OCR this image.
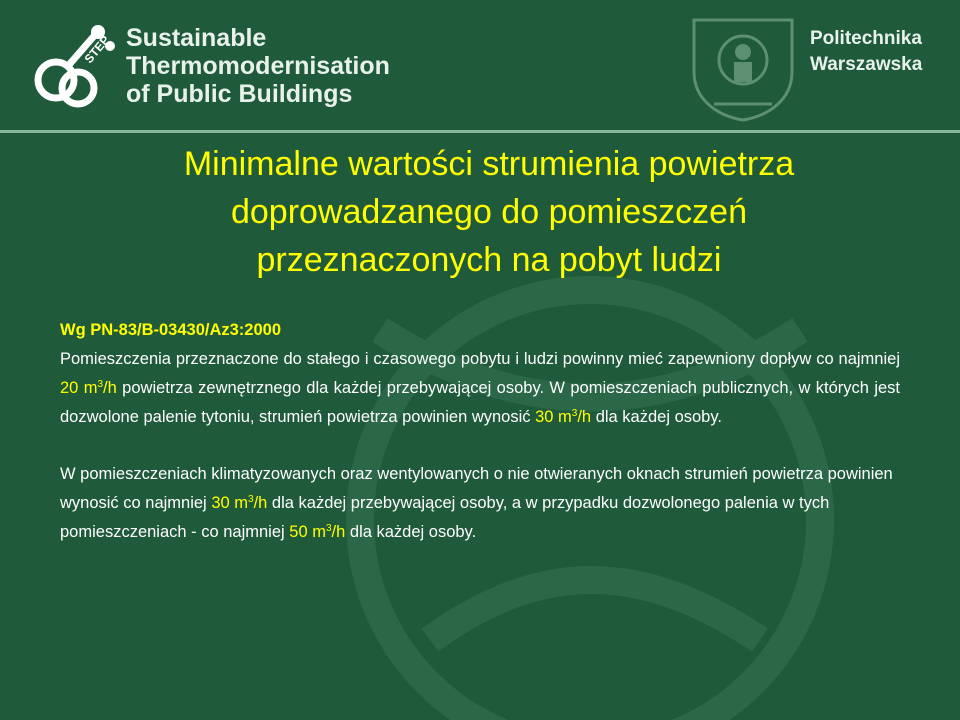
STEP Sustainable
Thermomodernisation
of Public Buildings
Politechnika
Warszawska
Minimalne wartości strumienia powietrza
doprowadzanego do pomieszczeń
przeznaczonych na pobyt ludzi
Wg PN-83/B-03430/Az3:2000
Pomieszczenia przeznaczone do stałego i czasowego pobytu i ludzi powinny mieć zapewniony dopływ co najmniej 20 $m^3/h$ powietrza zewnętrznego dla każdej przebywającej osoby. W pomieszczeniach publicznych, w których jest dozwolone palenie tytoniu, strumień powietrza powinien wynosić 30 $m^3/h$ dla każdej osoby.
W pomieszczeniach klimatyzowanych oraz wentylowanych o nie otwieranych oknach strumień powietrza powinien wynosić co najmniej 30 $m^3/h$ dla każdej przebywającej osoby, a w przypadku dozwolonego palenia w tych pomieszczeniach - co najmniej 50 $m^3/h$ dla każdej osoby.
